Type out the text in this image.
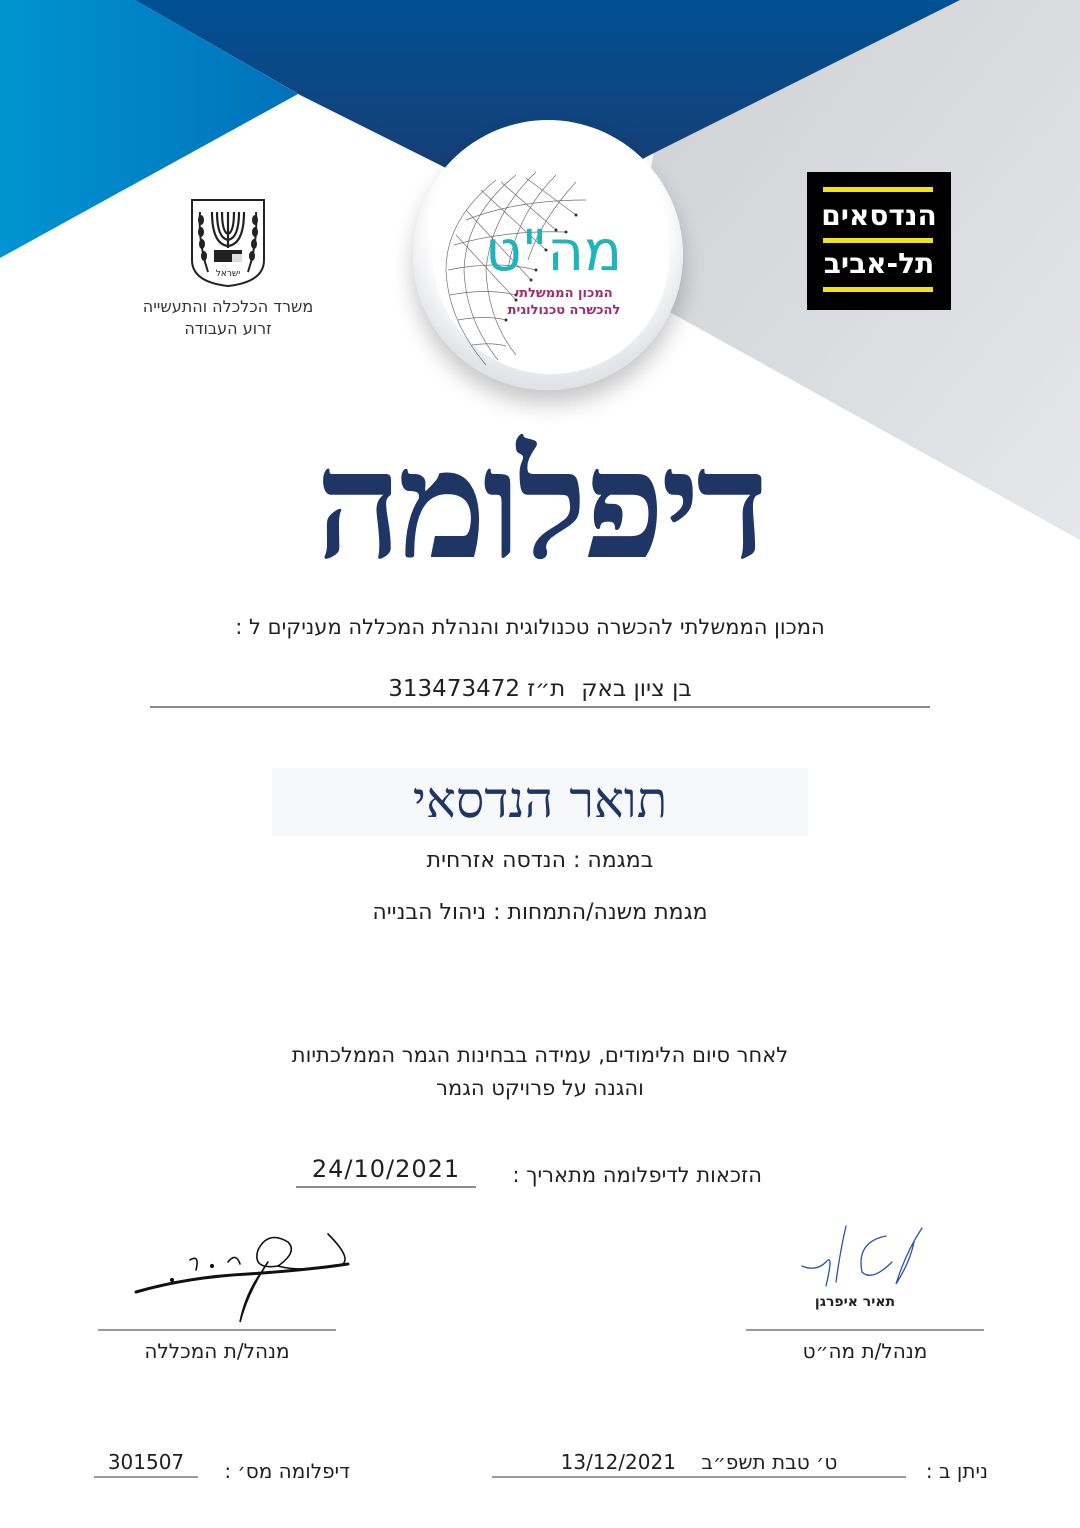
ישראל
משרד הכלכלה והתעשייה
זרוע העבודה
מה"ט
המכון הממשלתי
להכשרה טכנולוגית
הנדסאים
תל-אביב
דיפלומה
המכון הממשלתי להכשרה טכנולוגית והנהלת המכללה מעניקים ל :
בן ציון באקת״ז 313473472
תואר הנדסאי
במגמה : הנדסה אזרחית
מגמת משנה/התמחות : ניהול הבנייה
לאחר סיום הלימודים, עמידה בבחינות הגמר הממלכתיות
והגנה על פרויקט הגמר
הזכאות לדיפלומה מתאריך :
24/10/2021
מנהל/ת המכללה
תאיר איפרגן
מנהל/ת מה״ט
ניתן ב :
ט׳ טבת תשפ״ב    13/12/2021
דיפלומה מס׳ :
301507
